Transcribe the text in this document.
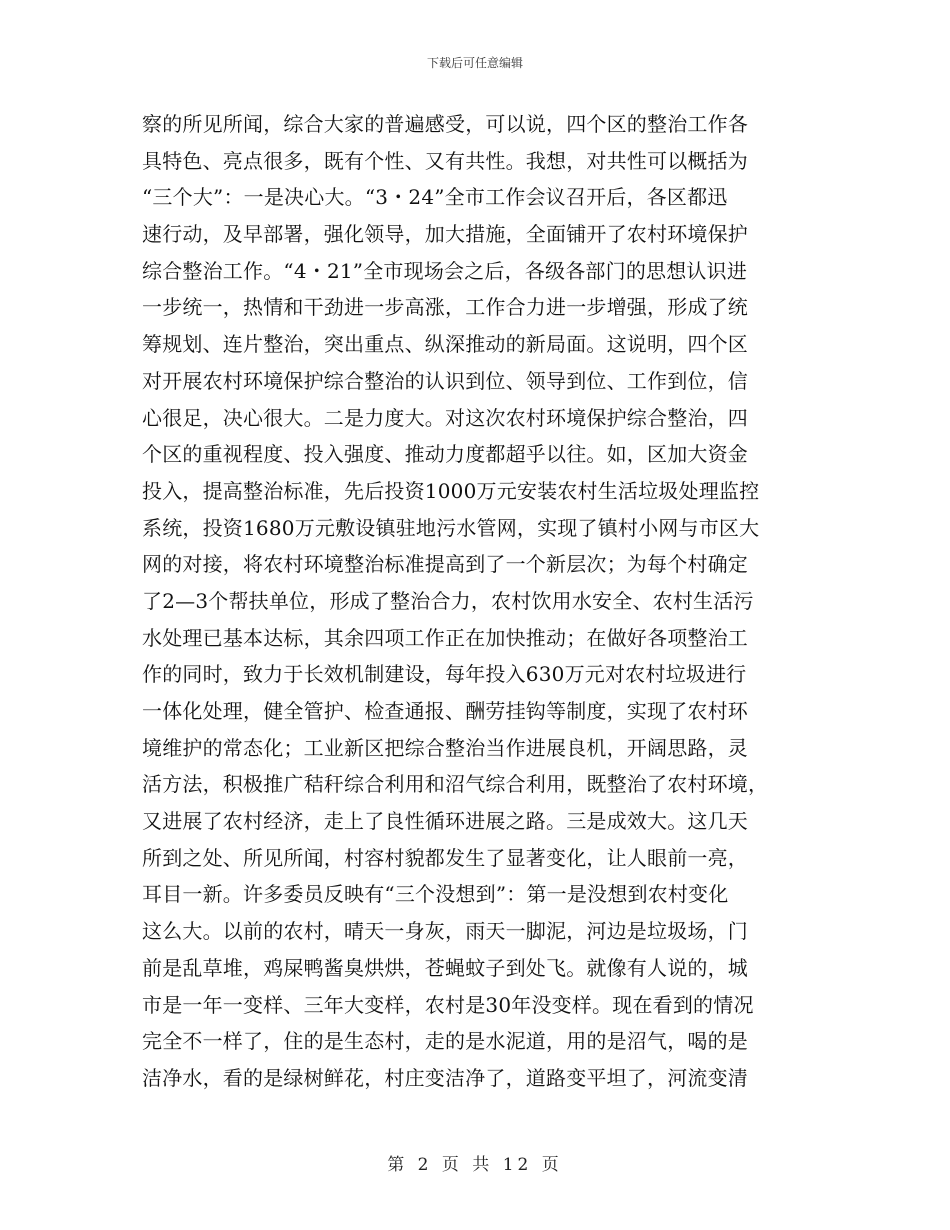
下载后可任意编辑
察的所见所闻，综合大家的普遍感受，可以说，四个区的整治工作各
具特色、亮点很多，既有个性、又有共性。我想，对共性可以概括为
“三个大”：一是决心大。“3・24”全市工作会议召开后，各区都迅
速行动，及早部署，强化领导，加大措施，全面铺开了农村环境保护
综合整治工作。“4・21”全市现场会之后，各级各部门的思想认识进
一步统一，热情和干劲进一步高涨，工作合力进一步增强，形成了统
筹规划、连片整治，突出重点、纵深推动的新局面。这说明，四个区
对开展农村环境保护综合整治的认识到位、领导到位、工作到位，信
心很足，决心很大。二是力度大。对这次农村环境保护综合整治，四
个区的重视程度、投入强度、推动力度都超乎以往。如，区加大资金
投入，提高整治标准，先后投资1000万元安装农村生活垃圾处理监控
系统，投资1680万元敷设镇驻地污水管网，实现了镇村小网与市区大
网的对接，将农村环境整治标准提高到了一个新层次；为每个村确定
了2—3个帮扶单位，形成了整治合力，农村饮用水安全、农村生活污
水处理已基本达标，其余四项工作正在加快推动；在做好各项整治工
作的同时，致力于长效机制建设，每年投入630万元对农村垃圾进行
一体化处理，健全管护、检查通报、酬劳挂钩等制度，实现了农村环
境维护的常态化；工业新区把综合整治当作进展良机，开阔思路，灵
活方法，积极推广秸秆综合利用和沼气综合利用，既整治了农村环境，
又进展了农村经济，走上了良性循环进展之路。三是成效大。这几天
所到之处、所见所闻，村容村貌都发生了显著变化，让人眼前一亮，
耳目一新。许多委员反映有“三个没想到”：第一是没想到农村变化
这么大。以前的农村，晴天一身灰，雨天一脚泥，河边是垃圾场，门
前是乱草堆，鸡屎鸭酱臭烘烘，苍蝇蚊子到处飞。就像有人说的，城
市是一年一变样、三年大变样，农村是30年没变样。现在看到的情况
完全不一样了，住的是生态村，走的是水泥道，用的是沼气，喝的是
洁净水，看的是绿树鲜花，村庄变洁净了，道路变平坦了，河流变清
第 2 页 共 12 页
